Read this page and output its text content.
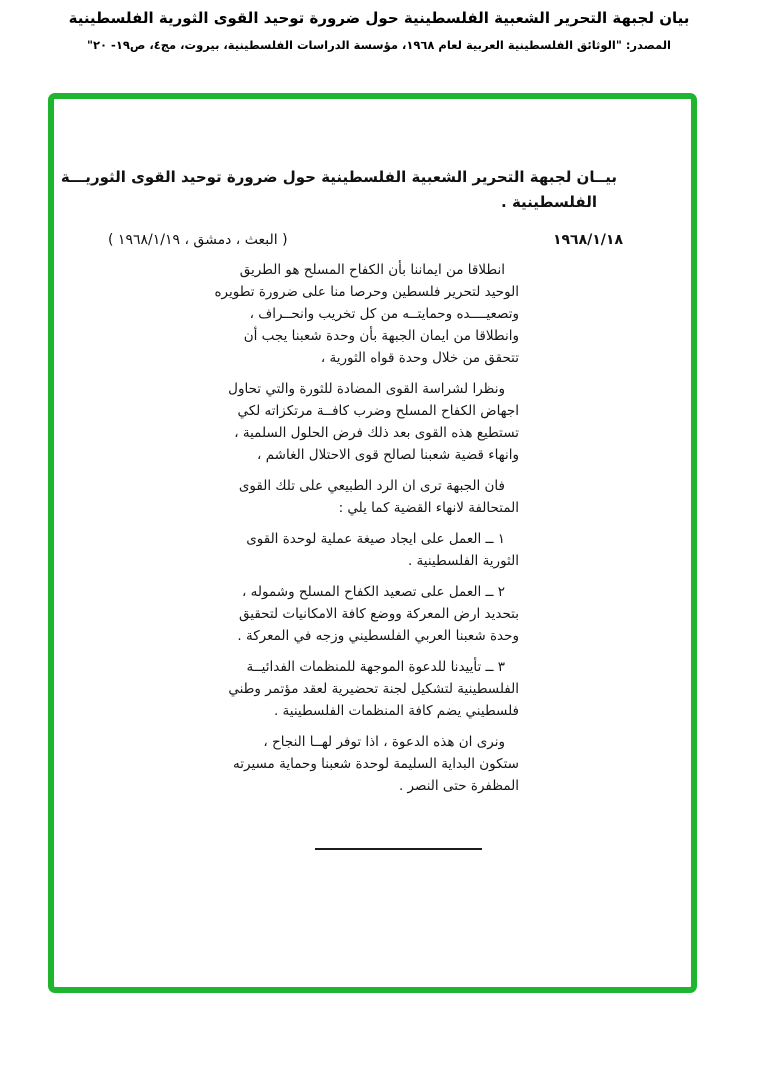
بيان لجبهة التحرير الشعبية الفلسطينية حول ضرورة توحيد القوى الثورية الفلسطينية
المصدر: "الوثائق الفلسطينية العربية لعام ١٩٦٨، مؤسسة الدراسات الفلسطينية، بيروت، مج٤، ص١٩- ٢٠"
بيــان لجبهة التحرير الشعبية الفلسطينية حول ضرورة توحيد القوى الثوريـــة
الفلسطينية .
١٩٦٨/١/١٨
( البعث ، دمشق ، ١٩٦٨/١/١٩ )
انطلاقا من ايماننا بأن الكفاح المسلح هو الطريق
الوحيد لتحرير فلسطين وحرصا منا على ضرورة تطويره
وتصعيــــده وحمايتــه من كل تخريب وانحــراف ،
وانطلاقا من ايمان الجبهة بأن وحدة شعبنا يجب أن
تتحقق من خلال وحدة قواه الثورية ،
ونظرا لشراسة القوى المضادة للثورة والتي تحاول
اجهاض الكفاح المسلح وضرب كافــة مرتكزاته لكي
تستطيع هذه القوى بعد ذلك فرض الحلول السلمية ،
وانهاء قضية شعبنا لصالح قوى الاحتلال الغاشم ،
فان الجبهة ترى ان الرد الطبيعي على تلك القوى
المتحالفة لانهاء القضية كما يلي :
١ ــ العمل على ايجاد صيغة عملية لوحدة القوى
الثورية الفلسطينية .
٢ ــ العمل على تصعيد الكفاح المسلح وشموله ،
بتحديد ارض المعركة ووضع كافة الامكانيات لتحقيق
وحدة شعبنا العربي الفلسطيني وزجه في المعركة .
٣ ــ تأييدنا للدعوة الموجهة للمنظمات الفدائيــة
الفلسطينية لتشكيل لجنة تحضيرية لعقد مؤتمر وطني
فلسطيني يضم كافة المنظمات الفلسطينية .
ونرى ان هذه الدعوة ، اذا توفر لهــا النجاح ،
ستكون البداية السليمة لوحدة شعبنا وحماية مسيرته
المظفرة حتى النصر .
